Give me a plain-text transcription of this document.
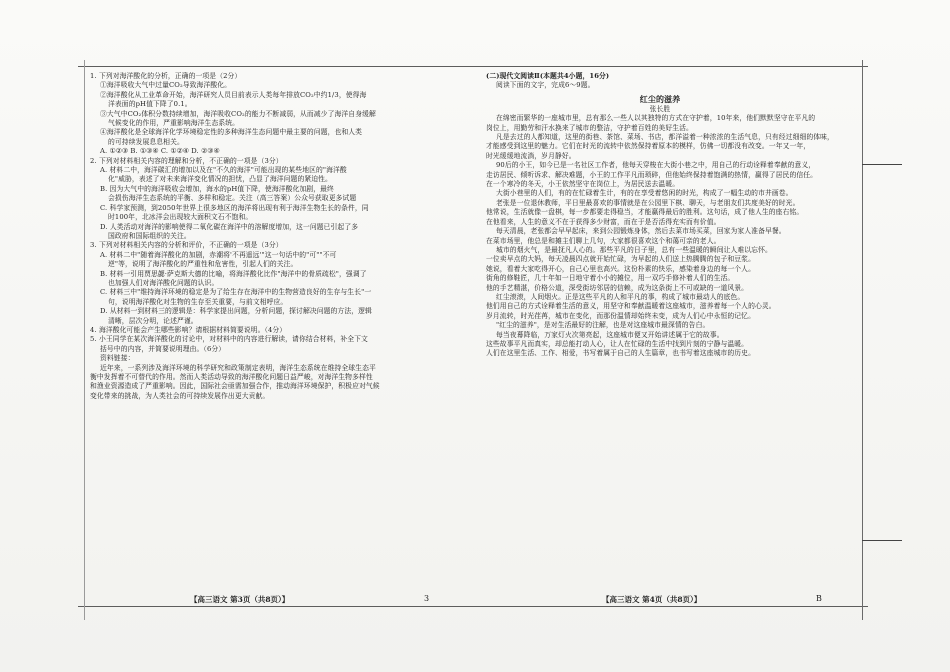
1. 下列对海洋酸化的分析，正确的一项是（2分）
①海洋吸收大气中过量CO₂导致海洋酸化。
②海洋酸化从工业革命开始，海洋研究人员目前表示人类每年排放CO₂中约1/3，使得海
洋表面的pH值下降了0.1。
③大气中CO₂体积分数持续增加，海洋吸收CO₂的能力不断减弱，从而减少了海洋自身缓解
气候变化的作用，严重影响海洋生态系统。
④海洋酸化是全球海洋化学环境稳定性的多种海洋生态问题中最主要的问题，也和人类
的可持续发展息息相关。
A. ①②③ B. ①③④ C. ①②④ D. ②③④
2. 下列对材料相关内容的理解和分析，不正确的一项是（3分）
A. 材料二中，海洋碳汇的增加以及在"不久的海洋"可能出现的某些地区的"海洋酸
化"威胁，表述了对未来海洋变化情况的担忧，凸显了海洋问题的紧迫性。
B. 因为大气中的海洋吸收会增加，海水的pH值下降，使海洋酸化加剧，最终
会损伤海洋生态系统的平衡、多样和稳定。关注（高三答案）公众号获取更多试题
C. 科学家预测，到2050年世界上很多地区的海洋将出现有利于海洋生物生长的条件，同
时100年，北冰洋会出现较大面积文石不饱和。
D. 人类活动对海洋的影响使得二氧化碳在海洋中的溶解度增加，这一问题已引起了多
国政府和国际组织的关注。
3. 下列对材料相关内容的分析和评价，不正确的一项是（3分）
A. 材料二中"随着海洋酸化的加剧，赤潮将'不再遥远'"这一句话中的"可""不可
逆"等，说明了海洋酸化的严重性和危害性，引起人们的关注。
B. 材料一引用贾思勰·萨克斯大德的比喻，将海洋酸化比作"海洋中的骨质疏松"，强调了
也加强人们对海洋酸化问题的认识。
C. 材料三中"维持海洋环境的稳定是为了给生存在海洋中的生物营造良好的生存与生长"一
句，说明海洋酸化对生物的生存至关重要，与前文相呼应。
D. 从材料一到材料三的逻辑是：科学家提出问题，分析问题，探讨解决问题的方法，逻辑
清晰，层次分明，论述严谨。
4. 海洋酸化可能会产生哪些影响？请根据材料简要说明。（4分）
5. 小王同学在某次海洋酸化的讨论中，对材料中的内容进行解读，请你结合材料，补全下文
括号中的内容，并简要说明理由。（6分）
资料链接：
近年来，一系列涉及海洋环境的科学研究和政策制定表明，海洋生态系统在维持全球生态平
衡中发挥着不可替代的作用。然而人类活动导致的海洋酸化问题日益严峻，对海洋生物多样性
和渔业资源造成了严重影响。因此，国际社会亟需加强合作，推动海洋环境保护，积极应对气候
变化带来的挑战，为人类社会的可持续发展作出更大贡献。
【高三语文 第3页（共8页）】	3
(二)现代文阅读Ⅱ(本题共4小题，16分)
阅读下面的文字，完成6～9题。
红尘的滋养
张长胜
在绵密而繁华的一座城市里，总有那么一些人以其独特的方式在守护着，10年来，他们默默坚守在平凡的
岗位上，用勤劳和汗水换来了城市的整洁，守护着百姓的美好生活。
凡是去过的人都知道，这里的街巷、茶馆、菜场、书店，都洋溢着一种浓浓的生活气息，只有经过细细的体味，
才能感受到这里的魅力。它们在时光的流转中依然保持着原本的模样，仿佛一切都没有改变。一年又一年，
时光缓缓地流淌，岁月静好。
90后的小王，如今已是一名社区工作者，他每天穿梭在大街小巷之中，用自己的行动诠释着奉献的意义，
走访居民、倾听诉求、解决难题，小王的工作平凡而琐碎，但他始终保持着饱满的热情，赢得了居民的信任。
在一个寒冷的冬天，小王依然坚守在岗位上，为居民送去温暖。
大街小巷里的人们，有的在忙碌着生计，有的在享受着悠闲的时光，构成了一幅生动的市井画卷。
老张是一位退休教师，平日里最喜欢的事情就是在公园里下棋、聊天，与老朋友们共度美好的时光。
他常说，生活就像一盘棋，每一步都要走得稳当，才能赢得最后的胜利。这句话，成了他人生的座右铭。
在他看来，人生的意义不在于获得多少财富，而在于是否活得充实而有价值。
每天清晨，老张都会早早起床，来到公园锻炼身体，然后去菜市场买菜，回家为家人准备早餐。
在菜市场里，他总是和摊主们聊上几句，大家都很喜欢这个和蔼可亲的老人。
城市的烟火气，是最抚凡人心的。那些平凡的日子里，总有一些温暖的瞬间让人难以忘怀。
一位卖早点的大妈，每天凌晨四点就开始忙碌，为早起的人们送上热腾腾的包子和豆浆。
她说，看着大家吃得开心，自己心里也高兴。这份朴素的快乐，感染着身边的每一个人。
街角的修鞋匠，几十年如一日地守着小小的摊位，用一双巧手修补着人们的生活。
他的手艺精湛，价格公道，深受街坊邻居的信赖，成为这条街上不可或缺的一道风景。
红尘滚滚，人间烟火。正是这些平凡的人和平凡的事，构成了城市最动人的底色。
他们用自己的方式诠释着生活的意义，用坚守和奉献温暖着这座城市，滋养着每一个人的心灵。
岁月流转，时光荏苒，城市在变化，而那份温情却始终未变，成为人们心中永恒的记忆。
"红尘的滋养"，是对生活最好的注解，也是对这座城市最深情的告白。
每当夜幕降临，万家灯火次第亮起，这座城市便又开始讲述属于它的故事。
这些故事平凡而真实，却总能打动人心，让人在忙碌的生活中找到片刻的宁静与温暖。
人们在这里生活、工作、相爱，书写着属于自己的人生篇章，也书写着这座城市的历史。
【高三语文 第4页（共8页）】	B
